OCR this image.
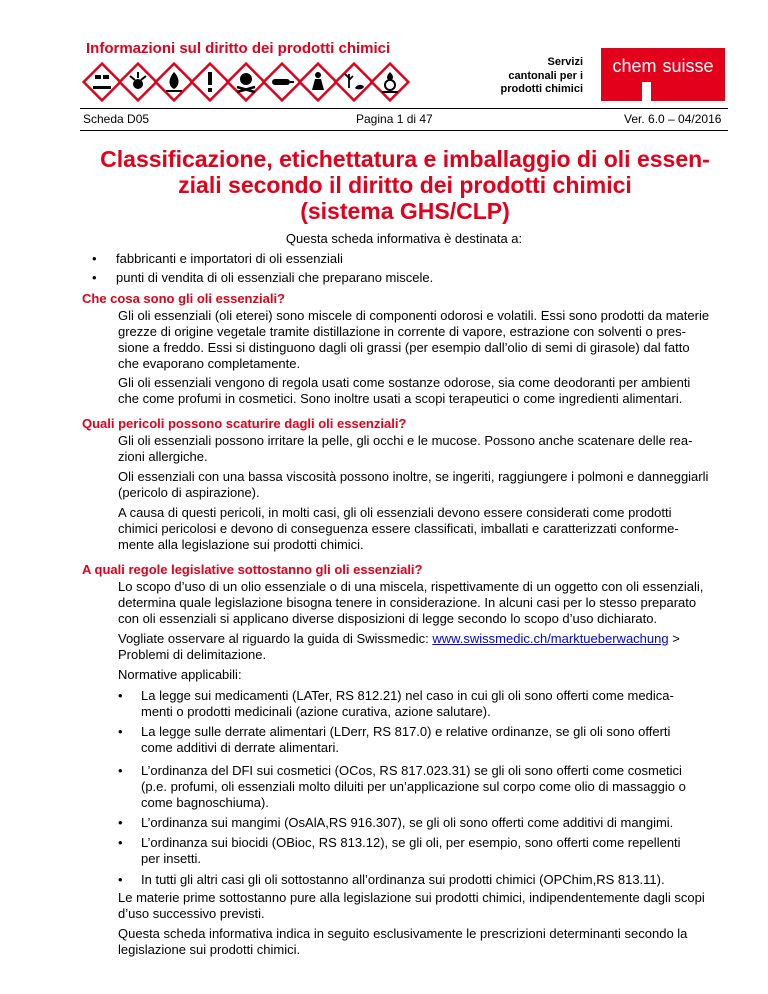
Informazioni sul diritto dei prodotti chimici
Servizi
cantonali per i
prodotti chimici
chem suisse
Scheda D05	Pagina 1 di 47	Ver. 6.0 – 04/2016
Classificazione, etichettatura e imballaggio di oli essen-
ziali secondo il diritto dei prodotti chimici
(sistema GHS/CLP)
Questa scheda informativa è destinata a:
• fabbricanti e importatori di oli essenziali
• punti di vendita di oli essenziali che preparano miscele.
Che cosa sono gli oli essenziali?
Gli oli essenziali (oli eterei) sono miscele di componenti odorosi e volatili. Essi sono prodotti da materie
grezze di origine vegetale tramite distillazione in corrente di vapore, estrazione con solventi o pres-
sione a freddo. Essi si distinguono dagli oli grassi (per esempio dall’olio di semi di girasole) dal fatto
che evaporano completamente.
Gli oli essenziali vengono di regola usati come sostanze odorose, sia come deodoranti per ambienti
che come profumi in cosmetici. Sono inoltre usati a scopi terapeutici o come ingredienti alimentari.
Quali pericoli possono scaturire dagli oli essenziali?
Gli oli essenziali possono irritare la pelle, gli occhi e le mucose. Possono anche scatenare delle rea-
zioni allergiche.
Oli essenziali con una bassa viscosità possono inoltre, se ingeriti, raggiungere i polmoni e danneggiarli
(pericolo di aspirazione).
A causa di questi pericoli, in molti casi, gli oli essenziali devono essere considerati come prodotti
chimici pericolosi e devono di conseguenza essere classificati, imballati e caratterizzati conforme-
mente alla legislazione sui prodotti chimici.
A quali regole legislative sottostanno gli oli essenziali?
Lo scopo d’uso di un olio essenziale o di una miscela, rispettivamente di un oggetto con oli essenziali,
determina quale legislazione bisogna tenere in considerazione. In alcuni casi per lo stesso preparato
con oli essenziali si applicano diverse disposizioni di legge secondo lo scopo d’uso dichiarato.
Vogliate osservare al riguardo la guida di Swissmedic: www.swissmedic.ch/marktueberwachung >
Problemi di delimitazione.
Normative applicabili:
• La legge sui medicamenti (LATer, RS 812.21) nel caso in cui gli oli sono offerti come medica-
menti o prodotti medicinali (azione curativa, azione salutare).
• La legge sulle derrate alimentari (LDerr, RS 817.0) e relative ordinanze, se gli oli sono offerti
come additivi di derrate alimentari.
• L’ordinanza del DFI sui cosmetici (OCos, RS 817.023.31) se gli oli sono offerti come cosmetici
(p.e. profumi, oli essenziali molto diluiti per un’applicazione sul corpo come olio di massaggio o
come bagnoschiuma).
• L’ordinanza sui mangimi (OsAlA,RS 916.307), se gli oli sono offerti come additivi di mangimi.
• L’ordinanza sui biocidi (OBioc, RS 813.12), se gli oli, per esempio, sono offerti come repellenti
per insetti.
• In tutti gli altri casi gli oli sottostanno all’ordinanza sui prodotti chimici (OPChim,RS 813.11).
Le materie prime sottostanno pure alla legislazione sui prodotti chimici, indipendentemente dagli scopi
d’uso successivo previsti.
Questa scheda informativa indica in seguito esclusivamente le prescrizioni determinanti secondo la
legislazione sui prodotti chimici.
